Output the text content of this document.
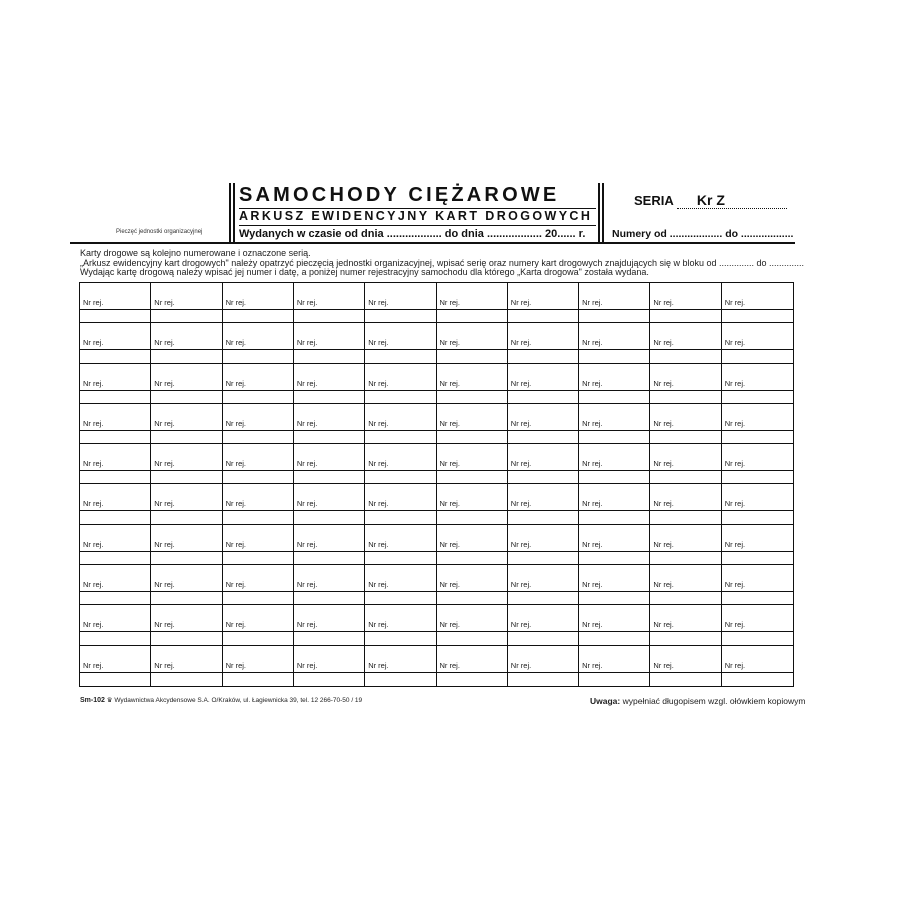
Pieczęć jednostki organizacyjnej
SAMOCHODY CIĘŻAROWE
ARKUSZ EWIDENCYJNY KART DROGOWYCH
Wydanych w czasie od dnia .................. do dnia .................. 20...... r.
SERIA Kr Z
Numery od .................. do ..................
Karty drogowe są kolejno numerowane i oznaczone serią.
„Arkusz ewidencyjny kart drogowych" należy opatrzyć pieczęcią jednostki organizacyjnej, wpisać serię oraz numery kart drogowych znajdujących się w bloku od .............. do ..............
Wydając kartę drogową należy wpisać jej numer i datę, a poniżej numer rejestracyjny samochodu dla którego „Karta drogowa" została wydana.
Nr rej.	Nr rej.	Nr rej.	Nr rej.	Nr rej.	Nr rej.	Nr rej.	Nr rej.	Nr rej.	Nr rej.
Nr rej.	Nr rej.	Nr rej.	Nr rej.	Nr rej.	Nr rej.	Nr rej.	Nr rej.	Nr rej.	Nr rej.
Nr rej.	Nr rej.	Nr rej.	Nr rej.	Nr rej.	Nr rej.	Nr rej.	Nr rej.	Nr rej.	Nr rej.
Nr rej.	Nr rej.	Nr rej.	Nr rej.	Nr rej.	Nr rej.	Nr rej.	Nr rej.	Nr rej.	Nr rej.
Nr rej.	Nr rej.	Nr rej.	Nr rej.	Nr rej.	Nr rej.	Nr rej.	Nr rej.	Nr rej.	Nr rej.
Nr rej.	Nr rej.	Nr rej.	Nr rej.	Nr rej.	Nr rej.	Nr rej.	Nr rej.	Nr rej.	Nr rej.
Nr rej.	Nr rej.	Nr rej.	Nr rej.	Nr rej.	Nr rej.	Nr rej.	Nr rej.	Nr rej.	Nr rej.
Nr rej.	Nr rej.	Nr rej.	Nr rej.	Nr rej.	Nr rej.	Nr rej.	Nr rej.	Nr rej.	Nr rej.
Nr rej.	Nr rej.	Nr rej.	Nr rej.	Nr rej.	Nr rej.	Nr rej.	Nr rej.	Nr rej.	Nr rej.
Nr rej.	Nr rej.	Nr rej.	Nr rej.	Nr rej.	Nr rej.	Nr rej.	Nr rej.	Nr rej.	Nr rej.
Sm-102 ♛ Wydawnictwa Akcydensowe S.A. O/Kraków, ul. Łagiewnicka 39, tel. 12 266-70-50 / 19	Uwaga: wypełniać długopisem wzgl. ołówkiem kopiowym
